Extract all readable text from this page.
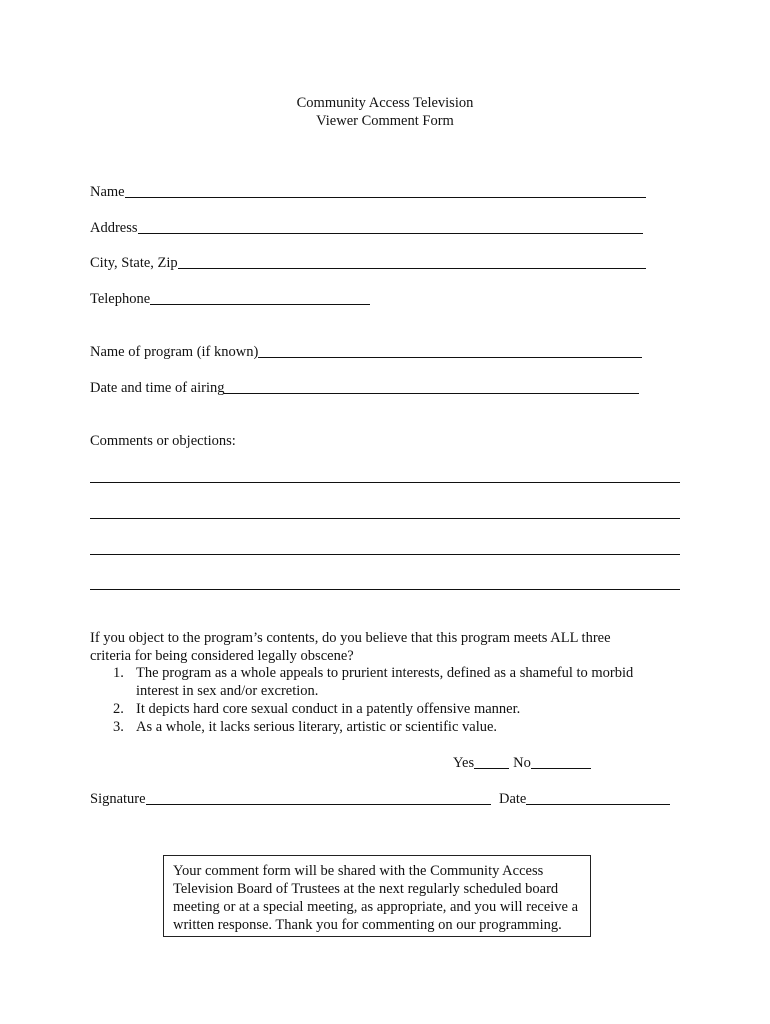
Community Access Television
Viewer Comment Form
Name
Address
City, State, Zip
Telephone
Name of program (if known)
Date and time of airing
Comments or objections:
If you object to the program’s contents, do you believe that this program meets ALL three
criteria for being considered legally obscene?
1. The program as a whole appeals to prurient interests, defined as a shameful to morbid
interest in sex and/or excretion.
2. It depicts hard core sexual conduct in a patently offensive manner.
3. As a whole, it lacks serious literary, artistic or scientific value.
Yes	No
Signature	Date
Your comment form will be shared with the Community Access
Television Board of Trustees at the next regularly scheduled board
meeting or at a special meeting, as appropriate, and you will receive a
written response. Thank you for commenting on our programming.
